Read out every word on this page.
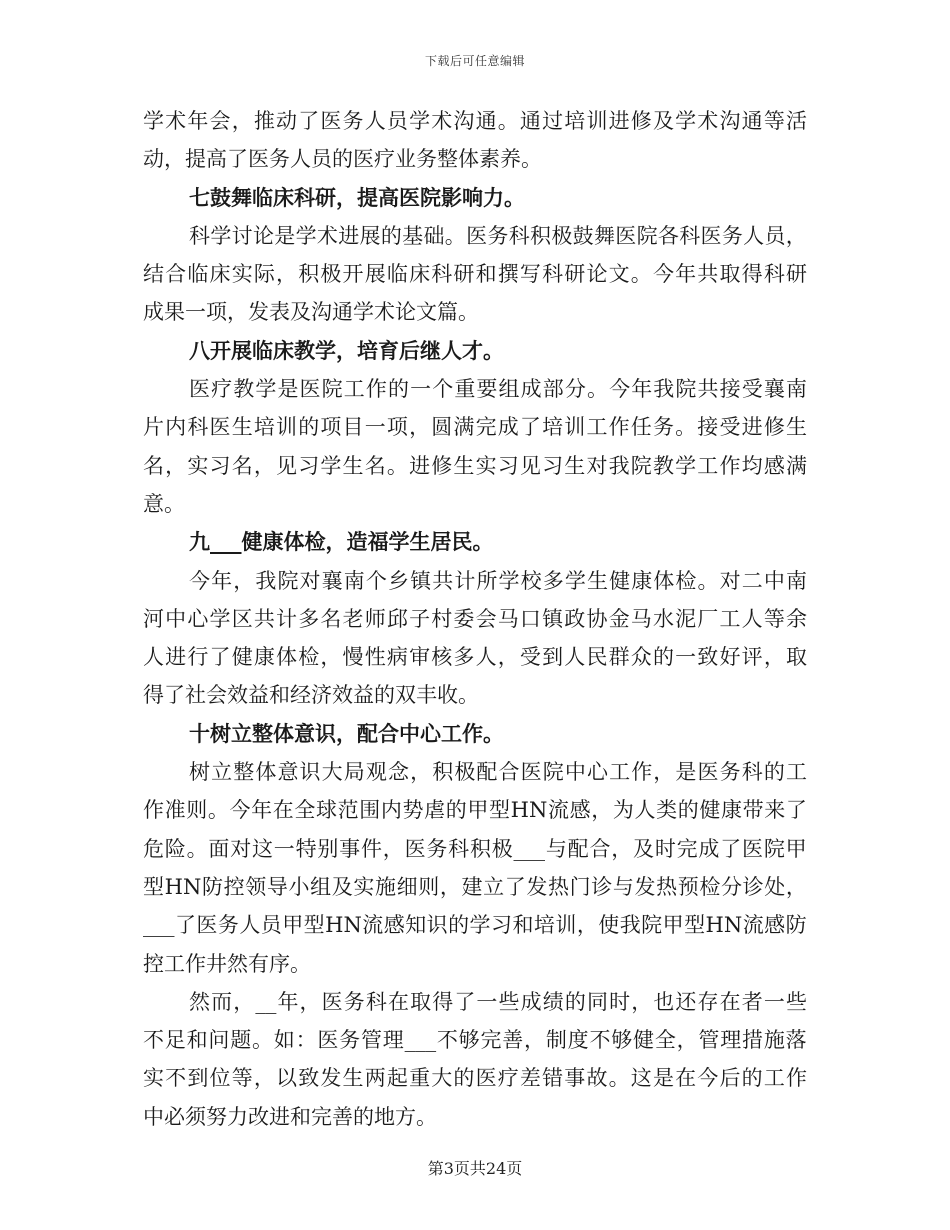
下载后可任意编辑
学 术 年 会 ， 推 动 了 医 务 人 员 学 术 沟 通 。 通 过 培 训 进 修 及 学 术 沟 通 等 活
动，提高了医务人员的医疗业务整体素养。
七鼓舞临床科研，提高医院影响力。
科 学 讨 论 是 学 术 进 展 的 基 础 。 医 务 科 积 极 鼓 舞 医 院 各 科 医 务 人 员 ，
结 合 临 床 实 际 ， 积 极 开 展 临 床 科 研 和 撰 写 科 研 论 文 。 今 年 共 取 得 科 研
成果一项，发表及沟通学术论文篇。
八开展临床教学，培育后继人才。
医 疗 教 学 是 医 院 工 作 的 一 个 重 要 组 成 部 分 。 今 年 我 院 共 接 受 襄 南
片 内 科 医 生 培 训 的 项 目 一 项 ， 圆 满 完 成 了 培 训 工 作 任 务 。 接 受 进 修 生
名 ， 实 习 名 ， 见 习 学 生 名 。 进 修 生 实 习 见 习 生 对 我 院 教 学 工 作 均 感 满
意。
九___健康体检，造福学生居民。
今 年 ， 我 院 对 襄 南 个 乡 镇 共 计 所 学 校 多 学 生 健 康 体 检 。 对 二 中 南
河 中 心 学 区 共 计 多 名 老 师 邱 子 村 委 会 马 口 镇 政 协 金 马 水 泥 厂 工 人 等 余
人 进 行 了 健 康 体 检 ， 慢 性 病 审 核 多 人 ， 受 到 人 民 群 众 的 一 致 好 评 ， 取
得了社会效益和经济效益的双丰收。
十树立整体意识，配合中心工作。
树 立 整 体 意 识 大 局 观 念 ， 积 极 配 合 医 院 中 心 工 作 ， 是 医 务 科 的 工
作 准 则 。 今 年 在 全 球 范 围 内 势 虐 的 甲 型 HN 流 感 ， 为 人 类 的 健 康 带 来 了
危 险 。 面 对 这 一 特 别 事 件 ， 医 务 科 积 极 ___ 与 配 合 ， 及 时 完 成 了 医 院 甲
型 HN 防 控 领 导 小 组 及 实 施 细 则 ， 建 立 了 发 热 门 诊 与 发 热 预 检 分 诊 处 ，
___ 了 医 务 人 员 甲 型 HN 流 感 知 识 的 学 习 和 培 训 ， 使 我 院 甲 型 HN 流 感 防
控工作井然有序。
然 而 ， __ 年 ， 医 务 科 在 取 得 了 一 些 成 绩 的 同 时 ， 也 还 存 在 者 一 些
不 足 和 问 题 。 如 ： 医 务 管 理 ___ 不 够 完 善 ， 制 度 不 够 健 全 ， 管 理 措 施 落
实 不 到 位 等 ， 以 致 发 生 两 起 重 大 的 医 疗 差 错 事 故 。 这 是 在 今 后 的 工 作
中必须努力改进和完善的地方。
第3页共24页
